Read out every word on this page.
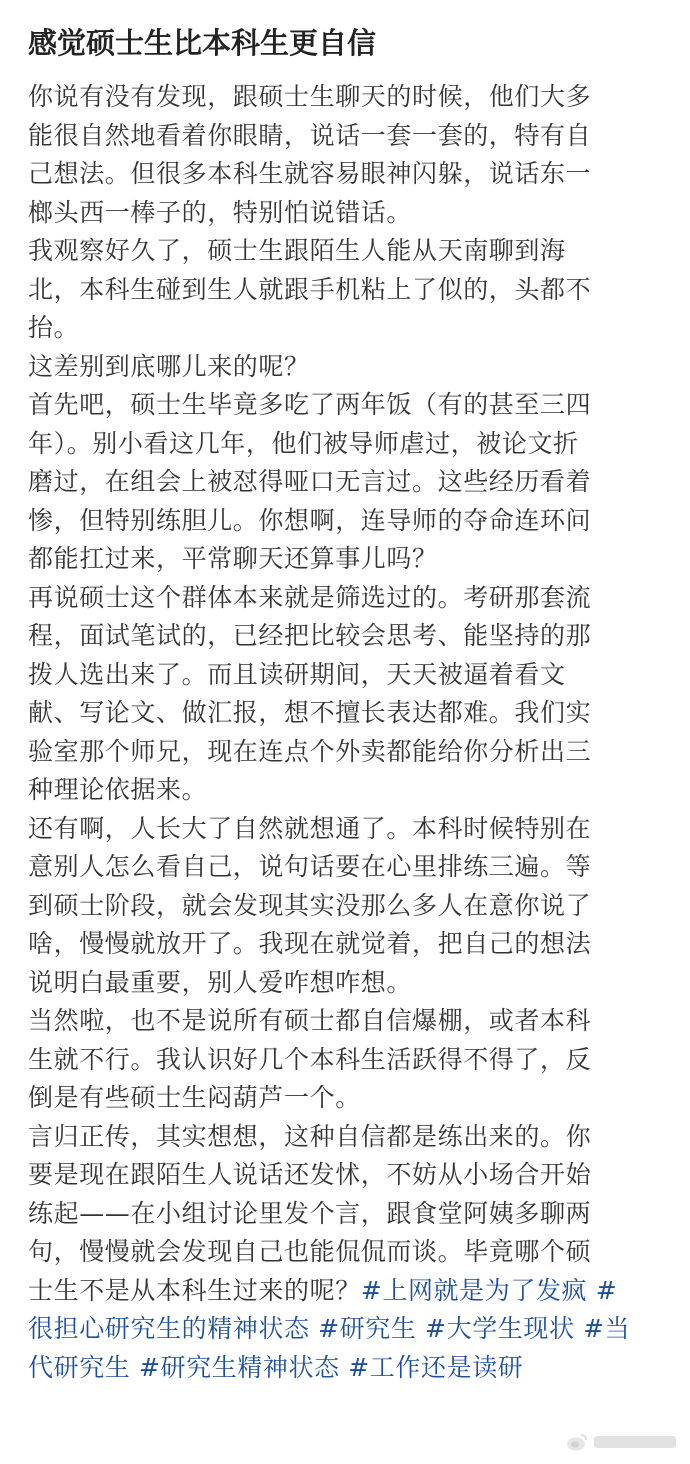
感觉硕士生比本科生更自信

你说有没有发现，跟硕士生聊天的时候，他们大多
能很自然地看着你眼睛，说话一套一套的，特有自
己想法。但很多本科生就容易眼神闪躲，说话东一
榔头西一棒子的，特别怕说错话。

我观察好久了，硕士生跟陌生人能从天南聊到海
北，本科生碰到生人就跟手机粘上了似的，头都不
抬。

这差别到底哪儿来的呢？

首先吧，硕士生毕竟多吃了两年饭（有的甚至三四
年）。别小看这几年，他们被导师虐过，被论文折
磨过，在组会上被怼得哑口无言过。这些经历看着
惨，但特别练胆儿。你想啊，连导师的夺命连环问
都能扛过来，平常聊天还算事儿吗？

再说硕士这个群体本来就是筛选过的。考研那套流
程，面试笔试的，已经把比较会思考、能坚持的那
拨人选出来了。而且读研期间，天天被逼着看文
献、写论文、做汇报，想不擅长表达都难。我们实
验室那个师兄，现在连点个外卖都能给你分析出三
种理论依据来。

还有啊，人长大了自然就想通了。本科时候特别在
意别人怎么看自己，说句话要在心里排练三遍。等
到硕士阶段，就会发现其实没那么多人在意你说了
啥，慢慢就放开了。我现在就觉着，把自己的想法
说明白最重要，别人爱咋想咋想。

当然啦，也不是说所有硕士都自信爆棚，或者本科
生就不行。我认识好几个本科生活跃得不得了，反
倒是有些硕士生闷葫芦一个。

言归正传，其实想想，这种自信都是练出来的。你
要是现在跟陌生人说话还发怵，不妨从小场合开始
练起——在小组讨论里发个言，跟食堂阿姨多聊两
句，慢慢就会发现自己也能侃侃而谈。毕竟哪个硕
士生不是从本科生过来的呢？#上网就是为了发疯 #
很担心研究生的精神状态 #研究生 #大学生现状 #当
代研究生 #研究生精神状态 #工作还是读研
